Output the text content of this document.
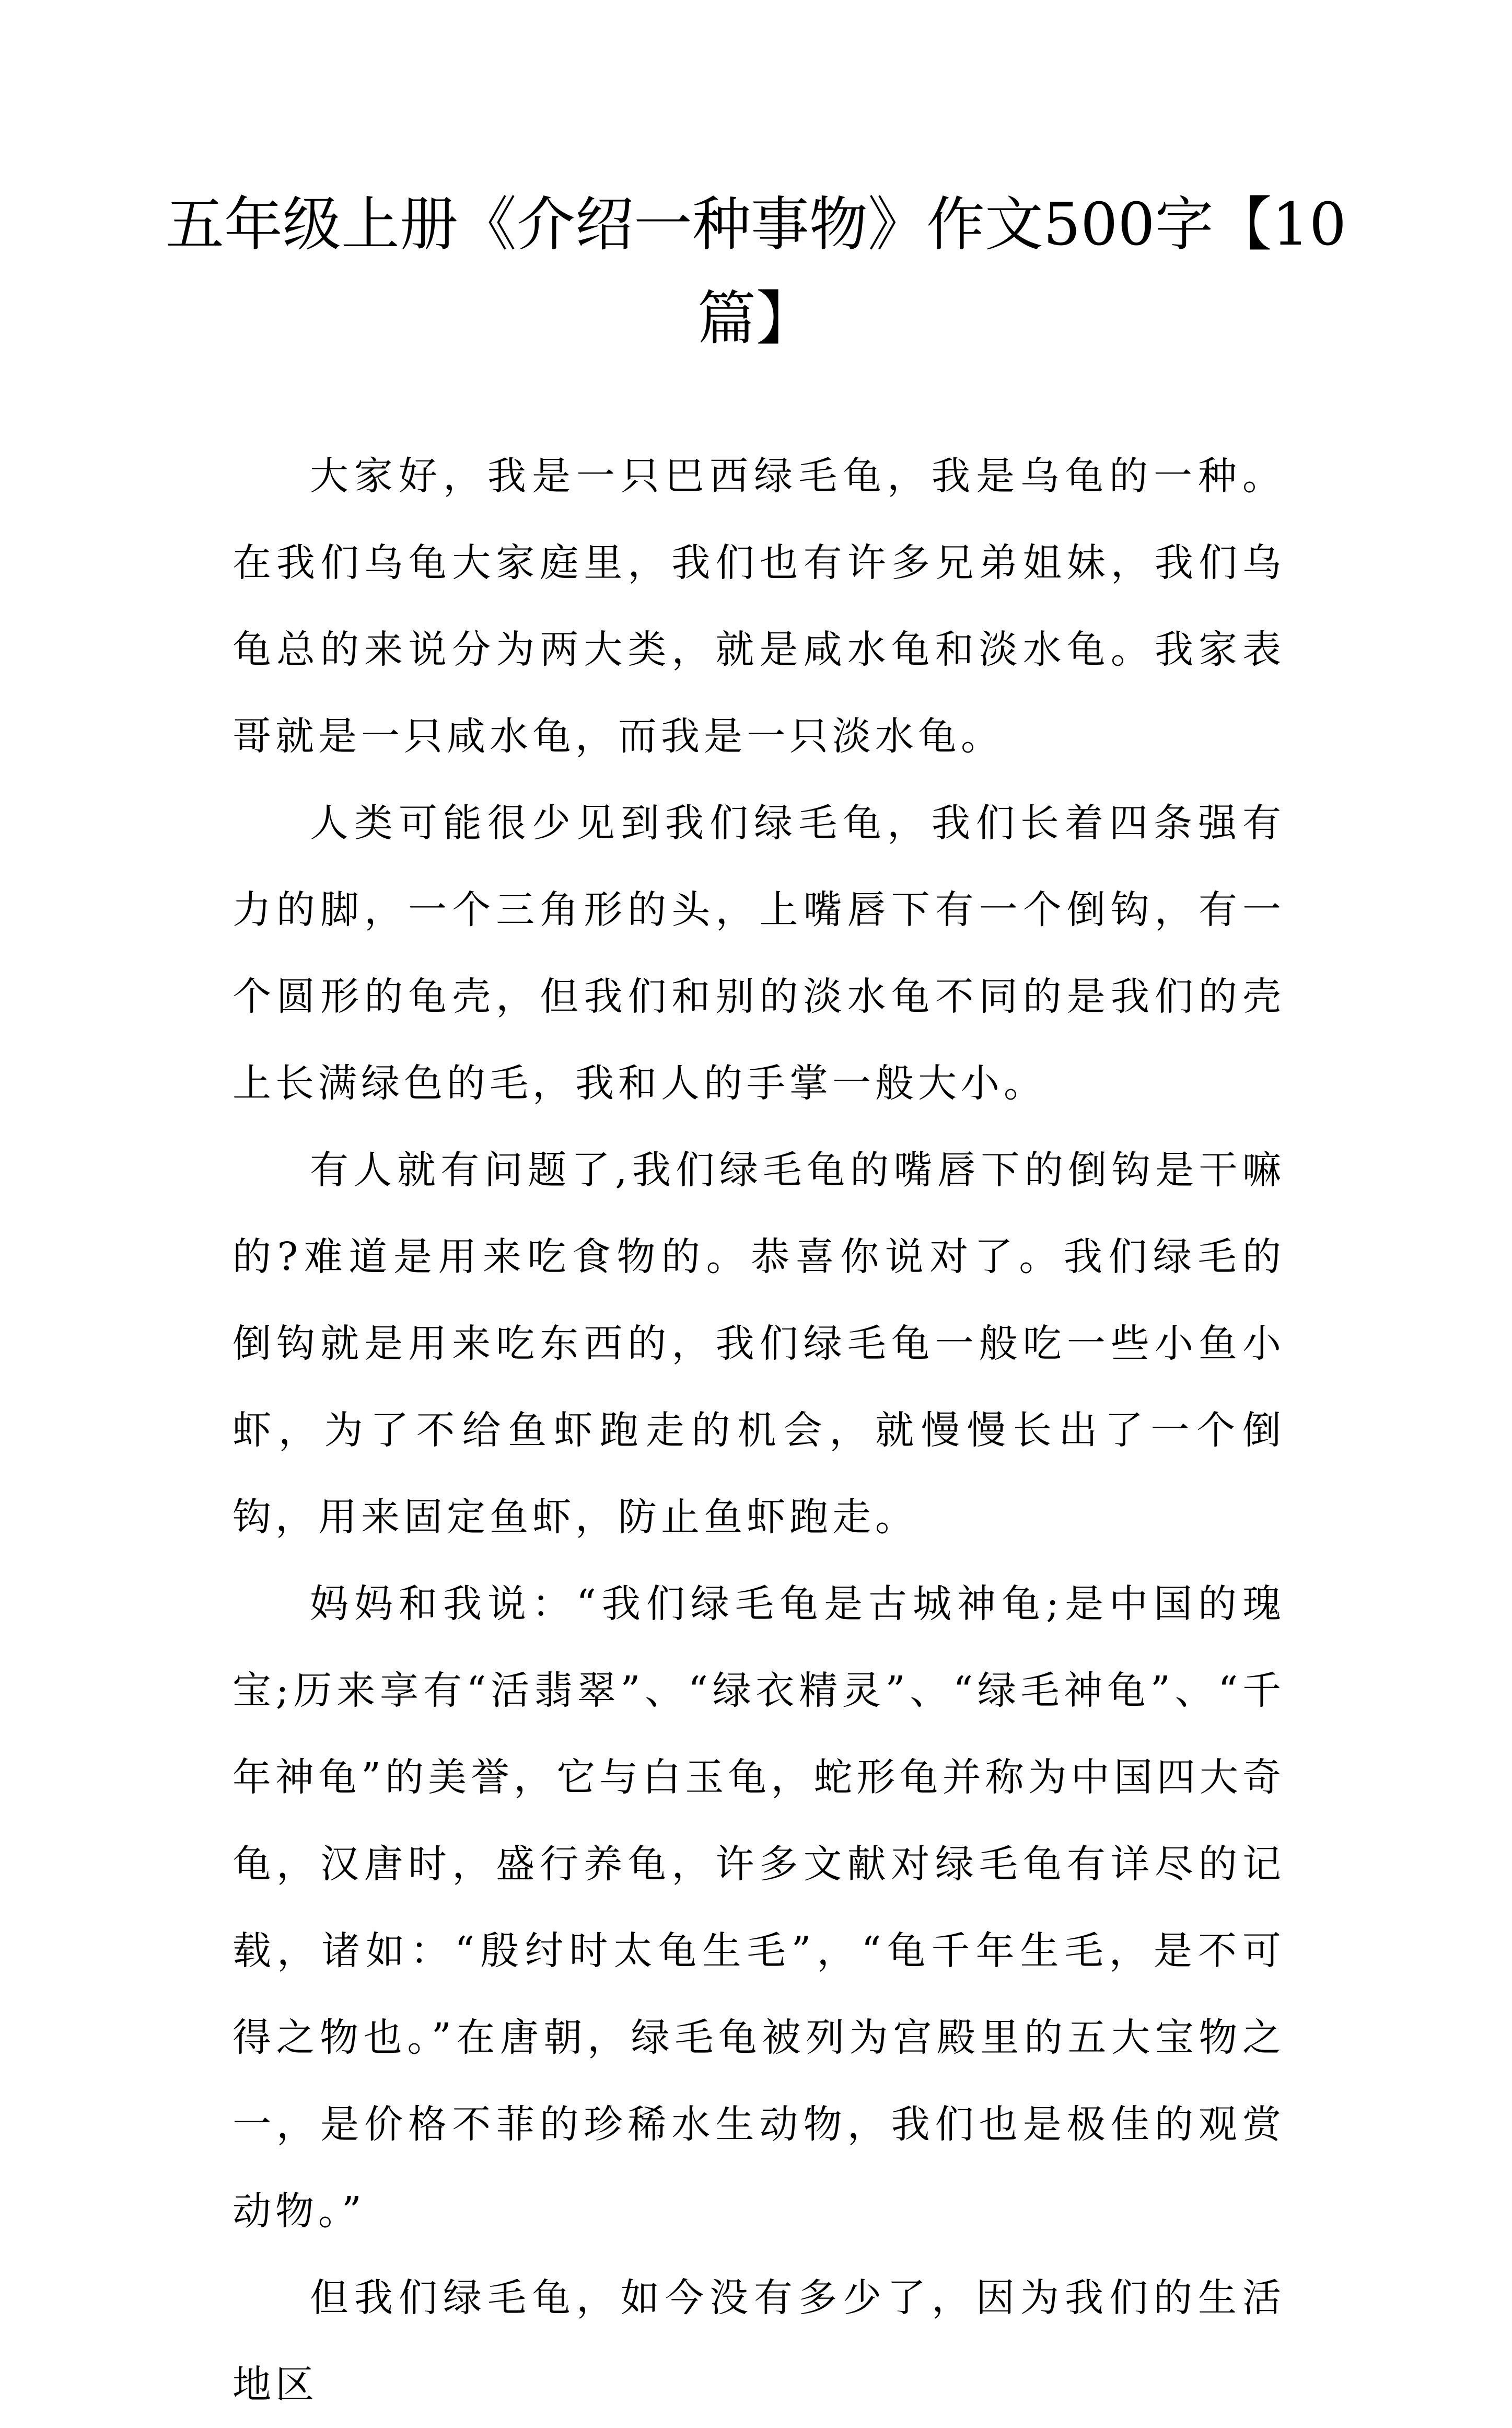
五年级上册《介绍一种事物》作文500字【10篇】

大家好，我是一只巴西绿毛龟，我是乌龟的一种。在我们乌龟大家庭里，我们也有许多兄弟姐妹，我们乌龟总的来说分为两大类，就是咸水龟和淡水龟。我家表哥就是一只咸水龟，而我是一只淡水龟。

人类可能很少见到我们绿毛龟，我们长着四条强有力的脚，一个三角形的头，上嘴唇下有一个倒钩，有一个圆形的龟壳，但我们和别的淡水龟不同的是我们的壳上长满绿色的毛，我和人的手掌一般大小。

有人就有问题了,我们绿毛龟的嘴唇下的倒钩是干嘛的?难道是用来吃食物的。恭喜你说对了。我们绿毛的倒钩就是用来吃东西的，我们绿毛龟一般吃一些小鱼小虾，为了不给鱼虾跑走的机会，就慢慢长出了一个倒钩，用来固定鱼虾，防止鱼虾跑走。

妈妈和我说：“我们绿毛龟是古城神龟;是中国的瑰宝;历来享有“活翡翠”、“绿衣精灵”、“绿毛神龟”、“千年神龟”的美誉，它与白玉龟，蛇形龟并称为中国四大奇龟，汉唐时，盛行养龟，许多文献对绿毛龟有详尽的记载，诸如：“殷纣时太龟生毛”，“龟千年生毛，是不可得之物也。”在唐朝，绿毛龟被列为宫殿里的五大宝物之一，是价格不菲的珍稀水生动物，我们也是极佳的观赏动物。”

但我们绿毛龟，如今没有多少了，因为我们的生活地区
